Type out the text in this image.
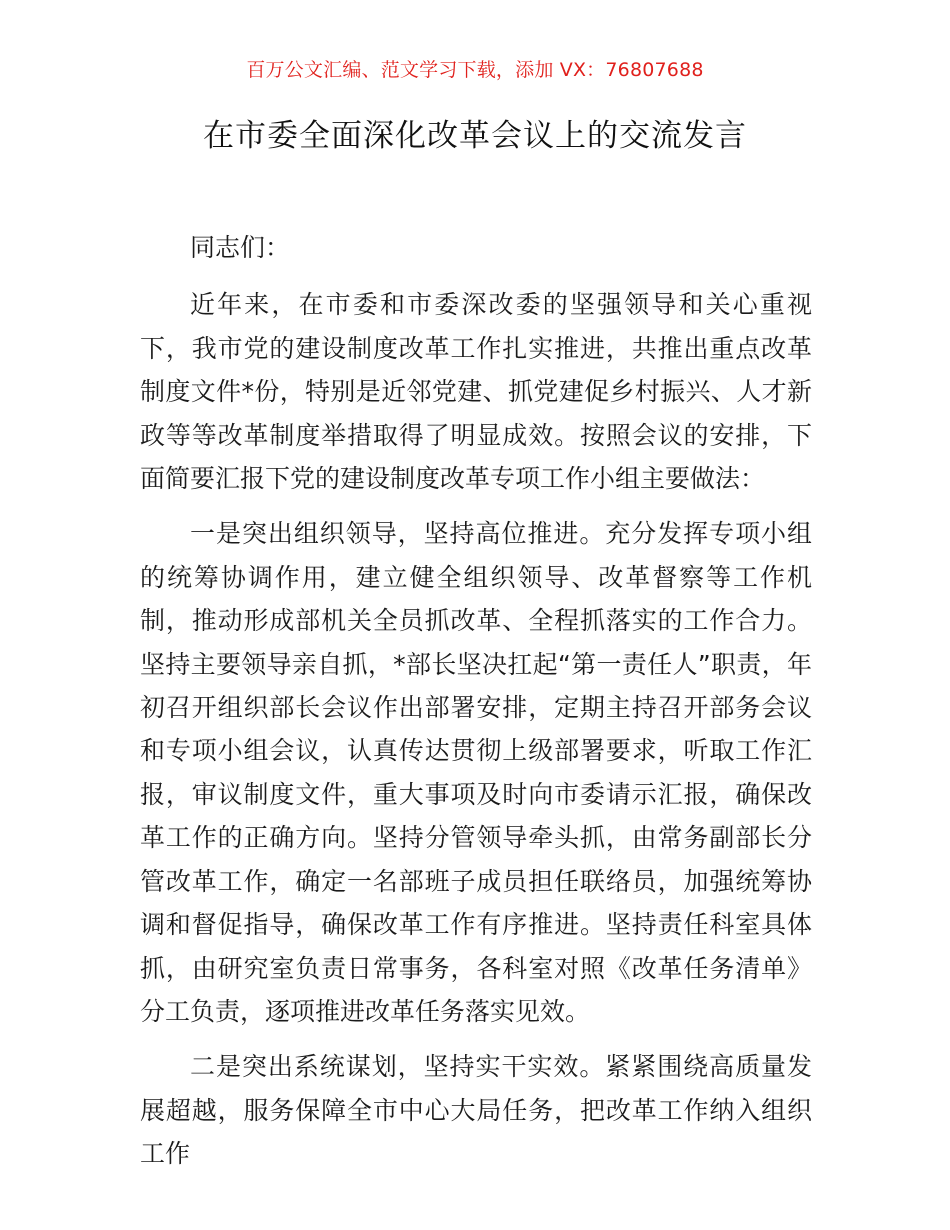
百万公文汇编、范文学习下载，添加 VX：76807688
在市委全面深化改革会议上的交流发言

同志们：

近年来，在市委和市委深改委的坚强领导和关心重视下，我市党的建设制度改革工作扎实推进，共推出重点改革制度文件*份，特别是近邻党建、抓党建促乡村振兴、人才新政等等改革制度举措取得了明显成效。按照会议的安排，下面简要汇报下党的建设制度改革专项工作小组主要做法：

一是突出组织领导，坚持高位推进。充分发挥专项小组的统筹协调作用，建立健全组织领导、改革督察等工作机制，推动形成部机关全员抓改革、全程抓落实的工作合力。坚持主要领导亲自抓，*部长坚决扛起“第一责任人”职责，年初召开组织部长会议作出部署安排，定期主持召开部务会议和专项小组会议，认真传达贯彻上级部署要求，听取工作汇报，审议制度文件，重大事项及时向市委请示汇报，确保改革工作的正确方向。坚持分管领导牵头抓，由常务副部长分管改革工作，确定一名部班子成员担任联络员，加强统筹协调和督促指导，确保改革工作有序推进。坚持责任科室具体抓，由研究室负责日常事务，各科室对照《改革任务清单》分工负责，逐项推进改革任务落实见效。

二是突出系统谋划，坚持实干实效。紧紧围绕高质量发展超越，服务保障全市中心大局任务，把改革工作纳入组织工作
